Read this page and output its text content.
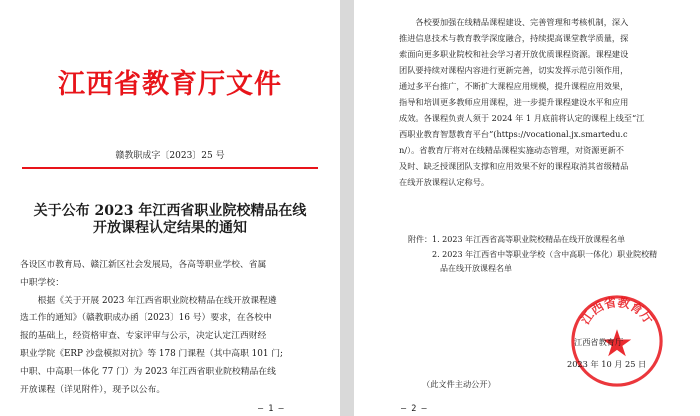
江西省教育厅文件
赣教职成字〔2023〕25 号
关于公布 2023 年江西省职业院校精品在线
开放课程认定结果的通知
各设区市教育局、赣江新区社会发展局，各高等职业学校、省属
中职学校：
　　根据《关于开展 2023 年江西省职业院校精品在线开放课程遴
选工作的通知》（赣教职成办函〔2023〕16 号）要求，在各校申
报的基础上，经资格审查、专家评审与公示，决定认定江西财经
职业学院《ERP 沙盘模拟对抗》等 178 门课程（其中高职 101 门;
中职、中高职一体化 77 门）为 2023 年江西省职业院校精品在线
开放课程（详见附件），现予以公布。
— 1 —
　　各校要加强在线精品课程建设、完善管理和考核机制，深入
推进信息技术与教育教学深度融合，持续提高课堂教学质量，探
索面向更多职业院校和社会学习者开放优质课程资源。课程建设
团队要持续对课程内容进行更新完善，切实发挥示范引领作用，
通过多平台推广，不断扩大课程应用规模，提升课程应用效果，
指导和培训更多教师应用课程，进一步提升课程建设水平和应用
成效。各课程负责人须于 2024 年 1 月底前将认定的课程上线至“江
西职业教育智慧教育平台”(https://vocational.jx.smartedu.c
n/）。省教育厅将对在线精品课程实施动态管理，对资源更新不
及时、缺乏授课团队支撑和应用效果不好的课程取消其省级精品
在线开放课程认定称号。
附件：1. 2023 年江西省高等职业院校精品在线开放课程名单
　　　2. 2023 年江西省中等职业学校（含中高职一体化）职业院校精
　　　　品在线开放课程名单
江西省教育厅
江西省教育厅
2023 年 10 月 25 日
（此文件主动公开）
— 2 —
